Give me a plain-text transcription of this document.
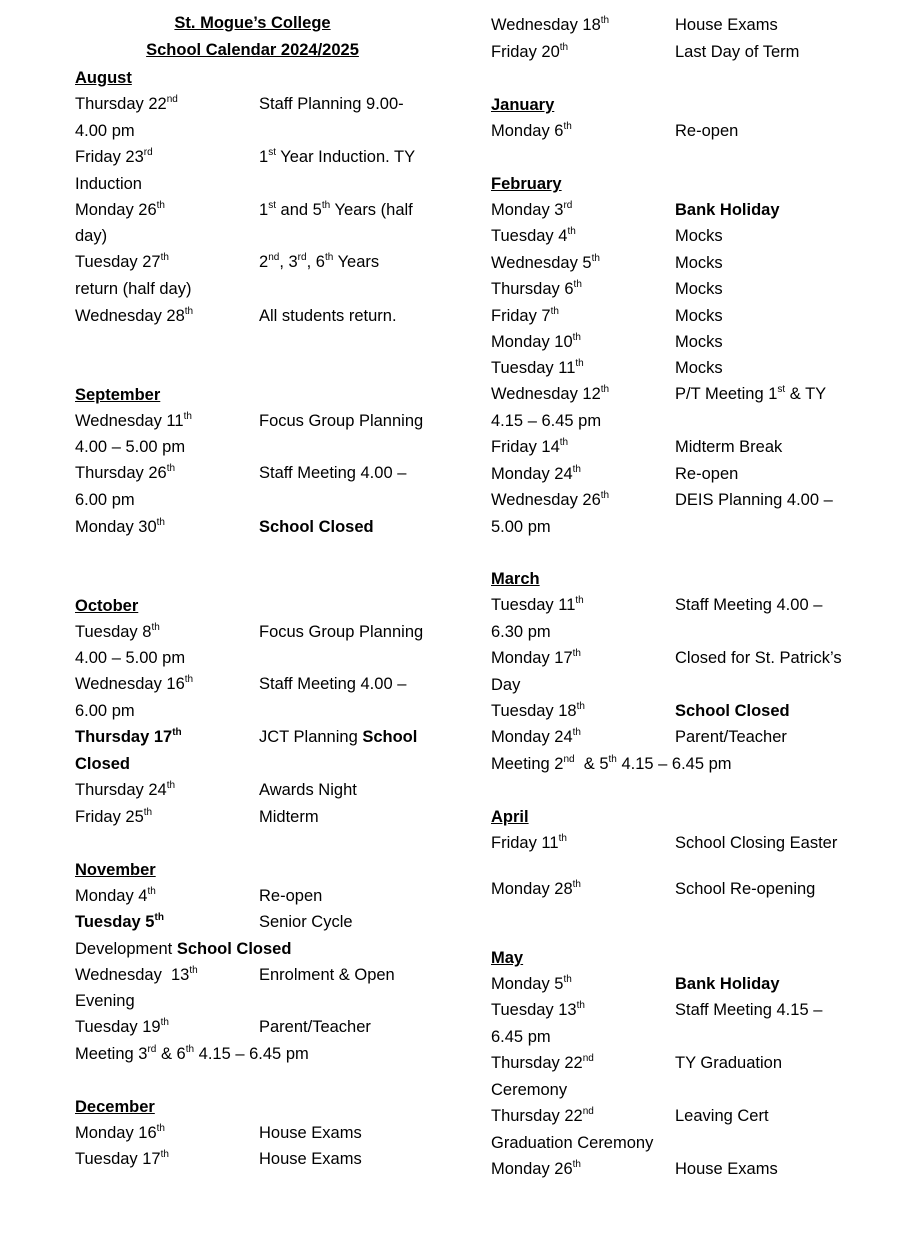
St. Mogue’s College
School Calendar 2024/2025
August
Thursday 22nd	Staff Planning 9.00-
4.00 pm
Friday 23rd	1st Year Induction. TY
Induction
Monday 26th	1st and 5th Years (half
day)
Tuesday 27th	2nd, 3rd, 6th Years
return (half day)
Wednesday 28th	All students return.
September
Wednesday 11th	Focus Group Planning
4.00 – 5.00 pm
Thursday 26th	Staff Meeting 4.00 –
6.00 pm
Monday 30th	School Closed
October
Tuesday 8th	Focus Group Planning
4.00 – 5.00 pm
Wednesday 16th	Staff Meeting 4.00 –
6.00 pm
Thursday 17th	JCT Planning School
Closed
Thursday 24th	Awards Night
Friday 25th	Midterm
November
Monday 4th	Re-open
Tuesday 5th	Senior Cycle
Development School Closed
Wednesday  13th	Enrolment & Open
Evening
Tuesday 19th	Parent/Teacher
Meeting 3rd & 6th 4.15 – 6.45 pm
December
Monday 16th	House Exams
Tuesday 17th	House Exams
Wednesday 18th	House Exams
Friday 20th	Last Day of Term
January
Monday 6th	Re-open
February
Monday 3rd	Bank Holiday
Tuesday 4th	Mocks
Wednesday 5th	Mocks
Thursday 6th	Mocks
Friday 7th	Mocks
Monday 10th	Mocks
Tuesday 11th	Mocks
Wednesday 12th	P/T Meeting 1st & TY
4.15 – 6.45 pm
Friday 14th	Midterm Break
Monday 24th	Re-open
Wednesday 26th	DEIS Planning 4.00 –
5.00 pm
March
Tuesday 11th	Staff Meeting 4.00 –
6.30 pm
Monday 17th	Closed for St. Patrick’s
Day
Tuesday 18th	School Closed
Monday 24th	Parent/Teacher
Meeting 2nd  & 5th 4.15 – 6.45 pm
April
Friday 11th	School Closing Easter
Monday 28th	School Re-opening
May
Monday 5th	Bank Holiday
Tuesday 13th	Staff Meeting 4.15 –
6.45 pm
Thursday 22nd	TY Graduation
Ceremony
Thursday 22nd	Leaving Cert
Graduation Ceremony
Monday 26th	House Exams
